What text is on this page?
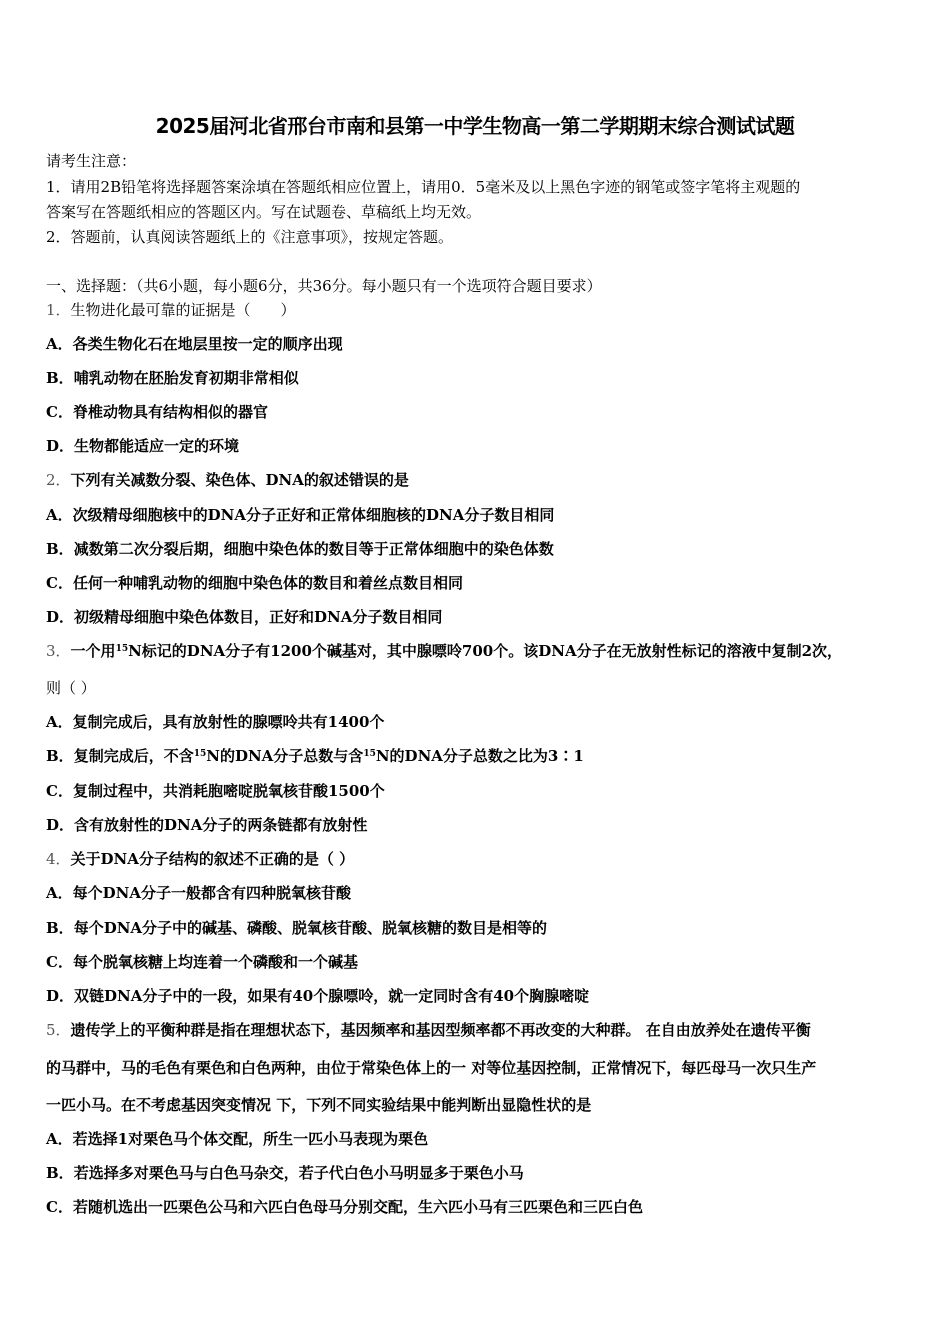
2025届河北省邢台市南和县第一中学生物高一第二学期期末综合测试试题
请考生注意：
1．请用2B铅笔将选择题答案涂填在答题纸相应位置上，请用0．5毫米及以上黑色字迹的钢笔或签字笔将主观题的
答案写在答题纸相应的答题区内。写在试题卷、草稿纸上均无效。
2．答题前，认真阅读答题纸上的《注意事项》，按规定答题。
一、选择题：（共6小题，每小题6分，共36分。每小题只有一个选项符合题目要求）
1．生物进化最可靠的证据是（　　）
A．各类生物化石在地层里按一定的顺序出现
B．哺乳动物在胚胎发育初期非常相似
C．脊椎动物具有结构相似的器官
D．生物都能适应一定的环境
2．下列有关减数分裂、染色体、DNA的叙述错误的是
A．次级精母细胞核中的DNA分子正好和正常体细胞核的DNA分子数目相同
B．减数第二次分裂后期，细胞中染色体的数目等于正常体细胞中的染色体数
C．任何一种哺乳动物的细胞中染色体的数目和着丝点数目相同
D．初级精母细胞中染色体数目，正好和DNA分子数目相同
3．一个用$^{15}$N标记的DNA分子有1200个碱基对，其中腺嘌呤700个。该DNA分子在无放射性标记的溶液中复制2次，
则（ ）
A．复制完成后，具有放射性的腺嘌呤共有1400个
B．复制完成后，不含$^{15}$N的DNA分子总数与含$^{15}$N的DNA分子总数之比为3∶1
C．复制过程中，共消耗胞嘧啶脱氧核苷酸1500个
D．含有放射性的DNA分子的两条链都有放射性
4．关于DNA分子结构的叙述不正确的是（ ）
A．每个DNA分子一般都含有四种脱氧核苷酸
B．每个DNA分子中的碱基、磷酸、脱氧核苷酸、脱氧核糖的数目是相等的
C．每个脱氧核糖上均连着一个磷酸和一个碱基
D．双链DNA分子中的一段，如果有40个腺嘌呤，就一定同时含有40个胸腺嘧啶
5．遗传学上的平衡种群是指在理想状态下，基因频率和基因型频率都不再改变的大种群。 在自由放养处在遗传平衡
的马群中，马的毛色有栗色和白色两种，由位于常染色体上的一 对等位基因控制，正常情况下，每匹母马一次只生产
一匹小马。在不考虑基因突变情况 下，下列不同实验结果中能判断出显隐性状的是
A．若选择1对栗色马个体交配，所生一匹小马表现为栗色
B．若选择多对栗色马与白色马杂交，若子代白色小马明显多于栗色小马
C．若随机选出一匹栗色公马和六匹白色母马分别交配，生六匹小马有三匹栗色和三匹白色
